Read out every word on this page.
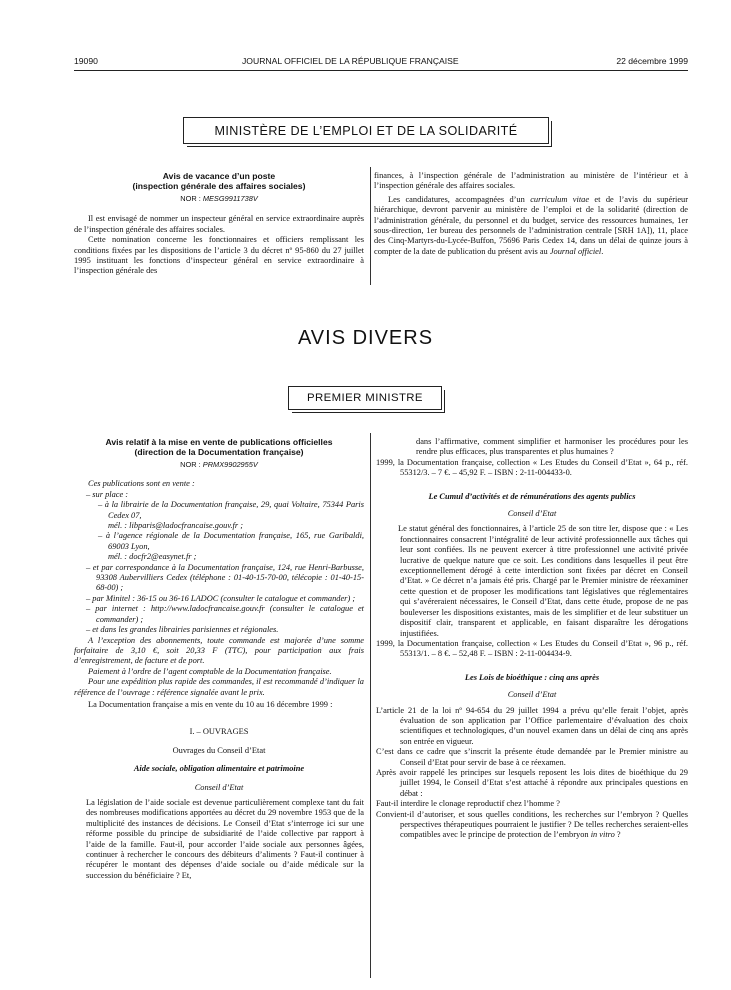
19090	JOURNAL OFFICIEL DE LA RÉPUBLIQUE FRANÇAISE	22 décembre 1999
MINISTÈRE DE L’EMPLOI ET DE LA SOLIDARITÉ
Avis de vacance d’un poste
(inspection générale des affaires sociales)
NOR : MESG9911738V

Il est envisagé de nommer un inspecteur général en service extraordinaire auprès de l’inspection générale des affaires sociales.

Cette nomination concerne les fonctionnaires et officiers remplissant les conditions fixées par les dispositions de l’article 3 du décret nº 95-860 du 27 juillet 1995 instituant les fonctions d’inspecteur général en service extraordinaire à l’inspection générale des

finances, à l’inspection générale de l’administration au ministère de l’intérieur et à l’inspection générale des affaires sociales.

Les candidatures, accompagnées d’un curriculum vitae et de l’avis du supérieur hiérarchique, devront parvenir au ministère de l’emploi et de la solidarité (direction de l’administration générale, du personnel et du budget, service des ressources humaines, 1er sous-direction, 1er bureau des personnels de l’administration centrale [SRH 1A]), 11, place des Cinq-Martyrs-du-Lycée-Buffon, 75696 Paris Cedex 14, dans un délai de quinze jours à compter de la date de publication du présent avis au Journal officiel.

AVIS DIVERS
PREMIER MINISTRE
Avis relatif à la mise en vente de publications officielles
(direction de la Documentation française)
NOR : PRMX9902955V

Ces publications sont en vente :

– sur place :

– à la librairie de la Documentation française, 29, quai Voltaire, 75344 Paris Cedex 07,

mél. : libparis@ladocfrancaise.gouv.fr ;

– à l’agence régionale de la Documentation française, 165, rue Garibaldi, 69003 Lyon,

mél. : docfr2@easynet.fr ;

– et par correspondance à la Documentation française, 124, rue Henri-Barbusse, 93308 Aubervilliers Cedex (téléphone : 01-40-15-70-00, télécopie : 01-40-15-68-00) ;

– par Minitel : 36-15 ou 36-16 LADOC (consulter le catalogue et commander) ;

– par internet : http://www.ladocfrancaise.gouv.fr (consulter le catalogue et commander) ;

– et dans les grandes librairies parisiennes et régionales.

A l’exception des abonnements, toute commande est majorée d’une somme forfaitaire de 3,10 €, soit 20,33 F (TTC), pour participation aux frais d’enregistrement, de facture et de port.

Paiement à l’ordre de l’agent comptable de la Documentation française.

Pour une expédition plus rapide des commandes, il est recommandé d’indiquer la référence de l’ouvrage : référence signalée avant le prix.

La Documentation française a mis en vente du 10 au 16 décembre 1999 :

I. – OUVRAGES

Ouvrages du Conseil d’Etat

Aide sociale, obligation alimentaire et patrimoine

Conseil d’Etat

La législation de l’aide sociale est devenue particulièrement complexe tant du fait des nombreuses modifications apportées au décret du 29 novembre 1953 que de la multiplicité des instances de décisions. Le Conseil d’Etat s’interroge ici sur une réforme possible du principe de subsidiarité de l’aide collective par rapport à l’aide de la famille. Faut-il, pour accorder l’aide sociale aux personnes âgées, continuer à rechercher le concours des débiteurs d’aliments ? Faut-il continuer à récupérer le montant des dépenses d’aide sociale ou d’aide médicale sur la succession du bénéficiaire ? Et,

dans l’affirmative, comment simplifier et harmoniser les procédures pour les rendre plus efficaces, plus transparentes et plus humaines ?

1999, la Documentation française, collection « Les Etudes du Conseil d’Etat », 64 p., réf. 55312/3. – 7 €. – 45,92 F. – ISBN : 2-11-004433-0.

Le Cumul d’activités et de rémunérations des agents publics

Conseil d’Etat

Le statut général des fonctionnaires, à l’article 25 de son titre Ier, dispose que : « Les fonctionnaires consacrent l’intégralité de leur activité professionnelle aux tâches qui leur sont confiées. Ils ne peuvent exercer à titre professionnel une activité privée lucrative de quelque nature que ce soit. Les conditions dans lesquelles il peut être exceptionnellement dérogé à cette interdiction sont fixées par décret en Conseil d’Etat. » Ce décret n’a jamais été pris. Chargé par le Premier ministre de réexaminer cette question et de proposer les modifications tant législatives que réglementaires qui s’avéreraient nécessaires, le Conseil d’Etat, dans cette étude, propose de ne pas bouleverser les dispositions existantes, mais de les simplifier et de leur substituer un dispositif clair, transparent et applicable, en faisant disparaître les dérogations injustifiées.

1999, la Documentation française, collection « Les Etudes du Conseil d’Etat », 96 p., réf. 55313/1. – 8 €. – 52,48 F. – ISBN : 2-11-004434-9.

Les Lois de bioéthique : cinq ans après

Conseil d’Etat

L’article 21 de la loi nº 94-654 du 29 juillet 1994 a prévu qu’elle ferait l’objet, après évaluation de son application par l’Office parlementaire d’évaluation des choix scientifiques et technologiques, d’un nouvel examen dans un délai de cinq ans après son entrée en vigueur.

C’est dans ce cadre que s’inscrit la présente étude demandée par le Premier ministre au Conseil d’Etat pour servir de base à ce réexamen.

Après avoir rappelé les principes sur lesquels reposent les lois dites de bioéthique du 29 juillet 1994, le Conseil d’Etat s’est attaché à répondre aux principales questions en débat :

Faut-il interdire le clonage reproductif chez l’homme ?

Convient-il d’autoriser, et sous quelles conditions, les recherches sur l’embryon ? Quelles perspectives thérapeutiques pourraient le justifier ? De telles recherches seraient-elles compatibles avec le principe de protection de l’embryon in vitro ?
